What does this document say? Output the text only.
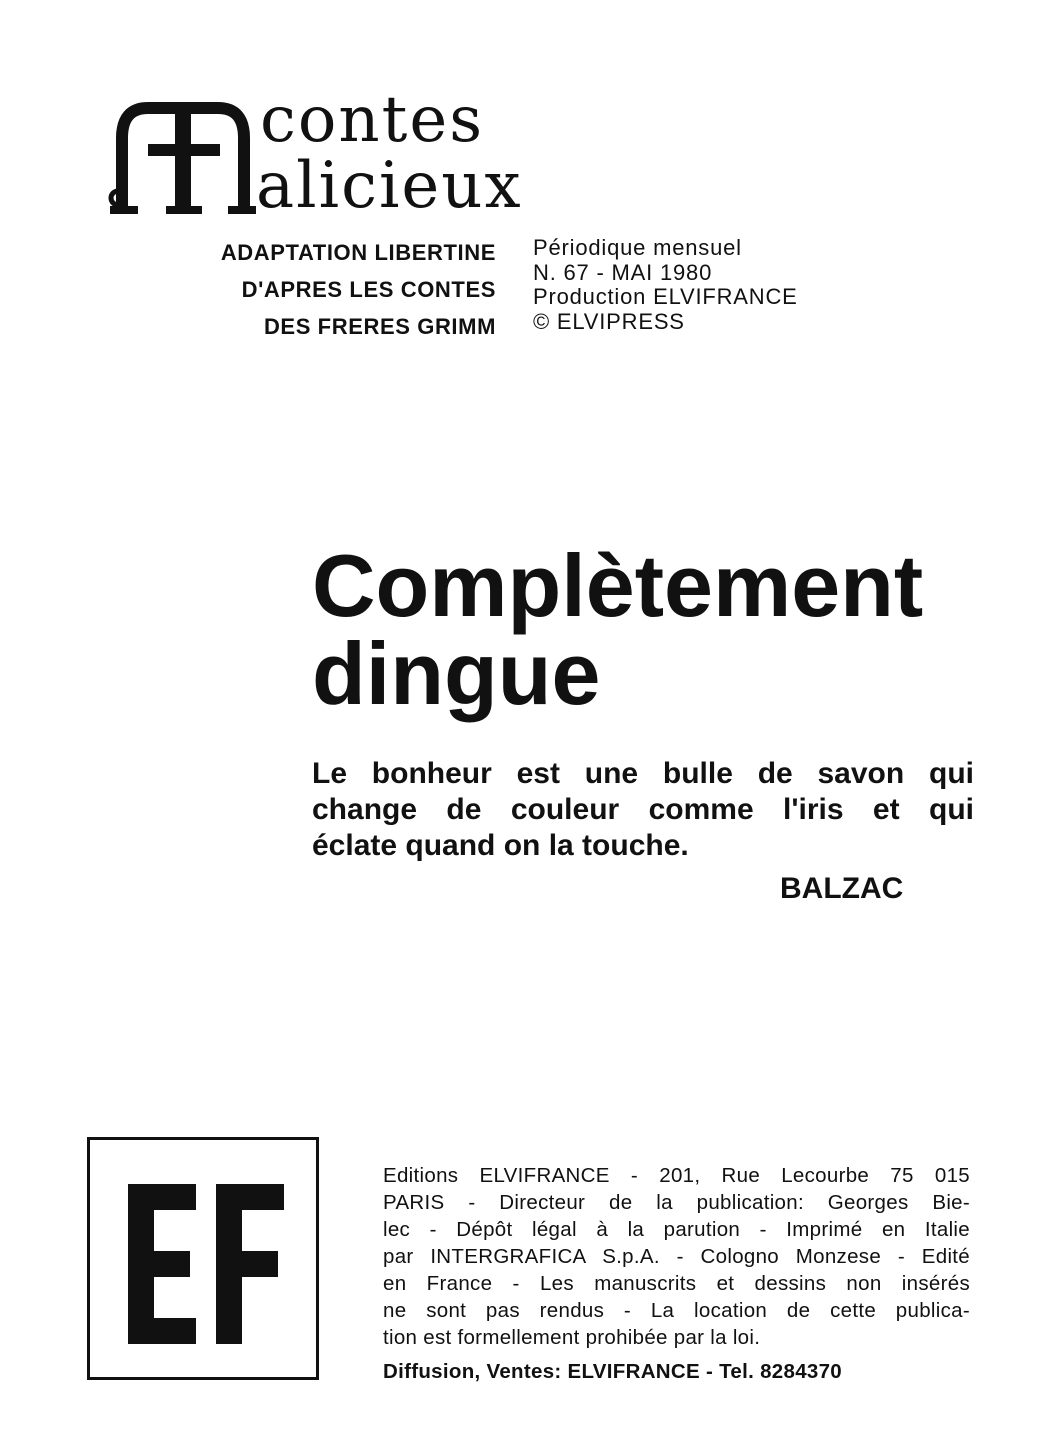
contes
alicieux
ADAPTATION LIBERTINE
D'APRES LES CONTES
DES FRERES GRIMM
Périodique mensuel
N. 67 - MAI 1980
Production ELVIFRANCE
© ELVIPRESS
Complètement
dingue
Le bonheur est une bulle de savon qui
change de couleur comme l'iris et qui
éclate quand on la touche.
BALZAC
Editions ELVIFRANCE - 201, Rue Lecourbe 75 015
PARIS - Directeur de la publication: Georges Bie-
lec - Dépôt légal à la parution - Imprimé en Italie
par INTERGRAFICA S.p.A. - Cologno Monzese - Edité
en France - Les manuscrits et dessins non insérés
ne sont pas rendus - La location de cette publica-
tion est formellement prohibée par la loi.
Diffusion, Ventes: ELVIFRANCE - Tel. 8284370
